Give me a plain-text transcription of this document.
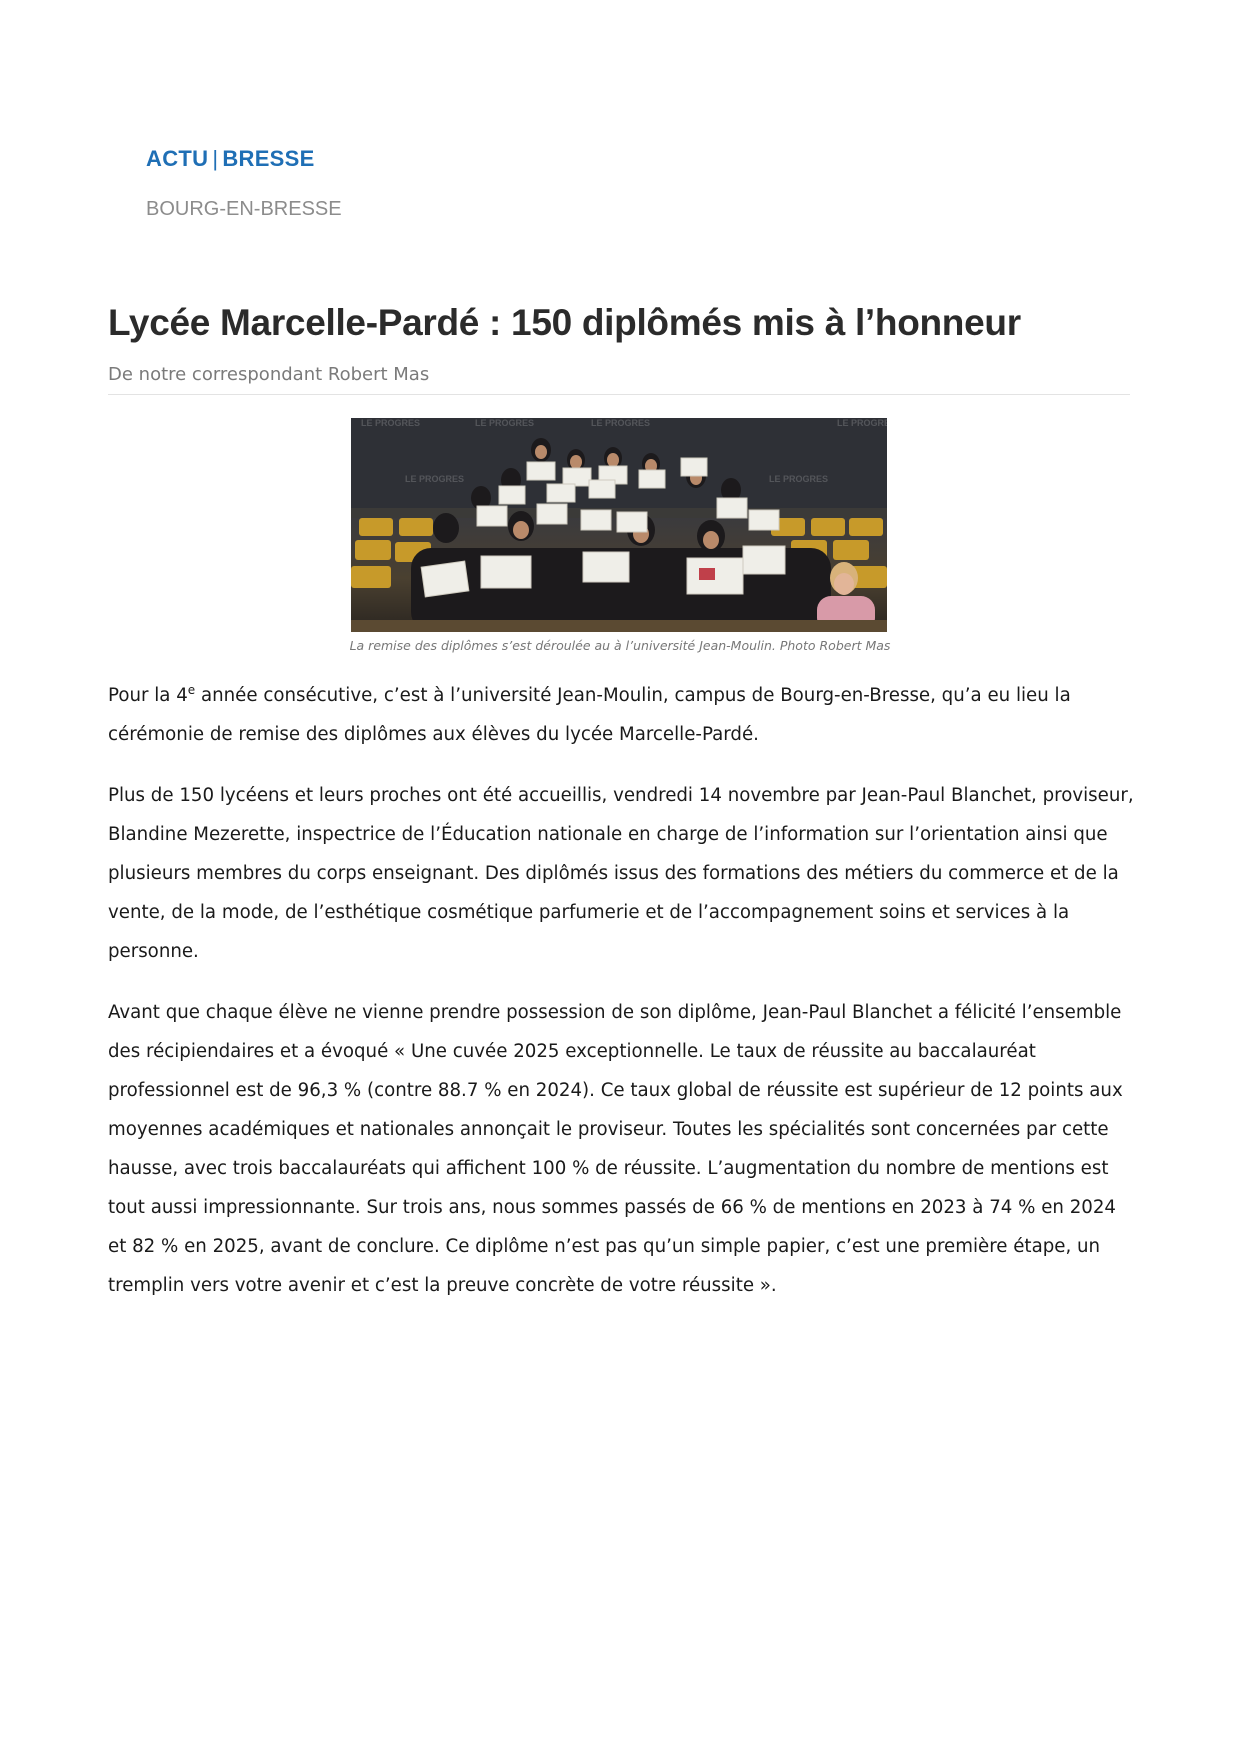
ACTU | BRESSE
BOURG-EN-BRESSE
Lycée Marcelle-Pardé : 150 diplômés mis à l’honneur
De notre correspondant Robert Mas
LE PROGRES	LE PROGRES	LE PROGRES	LE PROGRES
LE PROGRES	LE PROGRES
La remise des diplômes s’est déroulée au à l’université Jean-Moulin. Photo Robert Mas

Pour la 4e année consécutive, c’est à l’université Jean-Moulin, campus de Bourg-en-Bresse, qu’a eu lieu la cérémonie de remise des diplômes aux élèves du lycée Marcelle-Pardé.

Plus de 150 lycéens et leurs proches ont été accueillis, vendredi 14 novembre par Jean-Paul Blanchet, proviseur, Blandine Mezerette, inspectrice de l’Éducation nationale en charge de l’information sur l’orientation ainsi que plusieurs membres du corps enseignant. Des diplômés issus des formations des métiers du commerce et de la vente, de la mode, de l’esthétique cosmétique parfumerie et de l’accompagnement soins et services à la personne.

Avant que chaque élève ne vienne prendre possession de son diplôme, Jean-Paul Blanchet a félicité l’ensemble des récipiendaires et a évoqué « Une cuvée 2025 exceptionnelle. Le taux de réussite au baccalauréat professionnel est de 96,3 % (contre 88.7 % en 2024). Ce taux global de réussite est supérieur de 12 points aux moyennes académiques et nationales annonçait le proviseur. Toutes les spécialités sont concernées par cette hausse, avec trois baccalauréats qui affichent 100 % de réussite. L’augmentation du nombre de mentions est tout aussi impressionnante. Sur trois ans, nous sommes passés de 66 % de mentions en 2023 à 74 % en 2024 et 82 % en 2025, avant de conclure. Ce diplôme n’est pas qu’un simple papier, c’est une première étape, un tremplin vers votre avenir et c’est la preuve concrète de votre réussite ».
